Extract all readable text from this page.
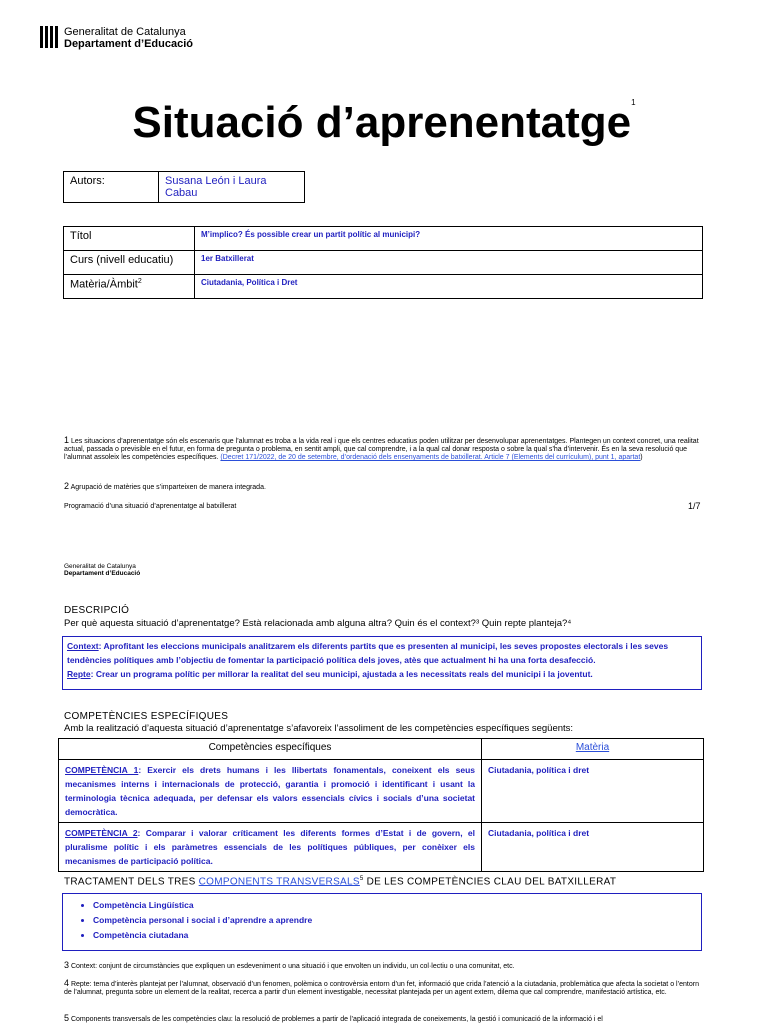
Generalitat de Catalunya
Departament d’Educació
Situació d’aprenentatge$^1$
Autors:	Susana León i Laura Cabau
Títol	M’implico? És possible crear un partit polític al municipi?
Curs (nivell educatiu)	1er Batxillerat
Matèria/Àmbit$^2$	Ciutadania, Política i Dret
1 Les situacions d’aprenentatge són els escenaris que l’alumnat es troba a la vida real i que els centres educatius poden utilitzar per desenvolupar aprenentatges. Plantegen un context concret, una realitat actual, passada o previsible en el futur, en forma de pregunta o problema, en sentit ampli, que cal comprendre, i a la qual cal donar resposta o sobre la qual s’ha d’intervenir. És en la seva resolució que l’alumnat assoleix les competències específiques. (Decret 171/2022, de 20 de setembre, d’ordenació dels ensenyaments de batxillerat. Article 7 (Elements del currículum), punt 1, apartat)
2 Agrupació de matèries que s’imparteixen de manera integrada.
Programació d’una situació d’aprenentatge al batxillerat	1/7
Generalitat de Catalunya
Departament d’Educació
DESCRIPCIÓ
Per què aquesta situació d’aprenentatge? Està relacionada amb alguna altra? Quin és el context?³ Quin repte planteja?⁴
Context: Aprofitant les eleccions municipals analitzarem els diferents partits que es presenten al municipi, les seves propostes electorals i les seves tendències polítiques amb l’objectiu de fomentar la participació política dels joves, atès que actualment hi ha una forta desafecció.
Repte: Crear un programa polític per millorar la realitat del seu municipi, ajustada a les necessitats reals del municipi i la joventut.
COMPETÈNCIES ESPECÍFIQUES
Amb la realització d’aquesta situació d’aprenentatge s’afavoreix l’assoliment de les competències específiques següents:
Competències específiques	Matèria
COMPETÈNCIA 1: Exercir els drets humans i les llibertats fonamentals, coneixent els seus mecanismes interns i internacionals de protecció, garantia i promoció i identificant i usant la terminologia tècnica adequada, per defensar els valors essencials cívics i socials d’una societat democràtica.	Ciutadania, política i dret
COMPETÈNCIA 2: Comparar i valorar críticament les diferents formes d’Estat i de govern, el pluralisme polític i els paràmetres essencials de les polítiques públiques, per conèixer els mecanismes de participació política.	Ciutadania, política i dret
TRACTAMENT DELS TRES COMPONENTS TRANSVERSALS$^5$ DE LES COMPETÈNCIES CLAU DEL BATXILLERAT
• Competència Lingüística
• Competència personal i social i d’aprendre a aprendre
• Competència ciutadana
3 Context: conjunt de circumstàncies que expliquen un esdeveniment o una situació i que envolten un individu, un col·lectiu o una comunitat, etc.
4 Repte: tema d’interès plantejat per l’alumnat, observació d’un fenomen, polèmica o controvèrsia entorn d’un fet, informació que crida l’atenció a la ciutadania, problemàtica que afecta la societat o l’entorn de l’alumnat, pregunta sobre un element de la realitat, recerca a partir d’un element investigable, necessitat plantejada per un agent extern, dilema que cal comprendre, manifestació artística, etc.
5 Components transversals de les competències clau: la resolució de problemes a partir de l’aplicació integrada de coneixements, la gestió i comunicació de la informació i el
